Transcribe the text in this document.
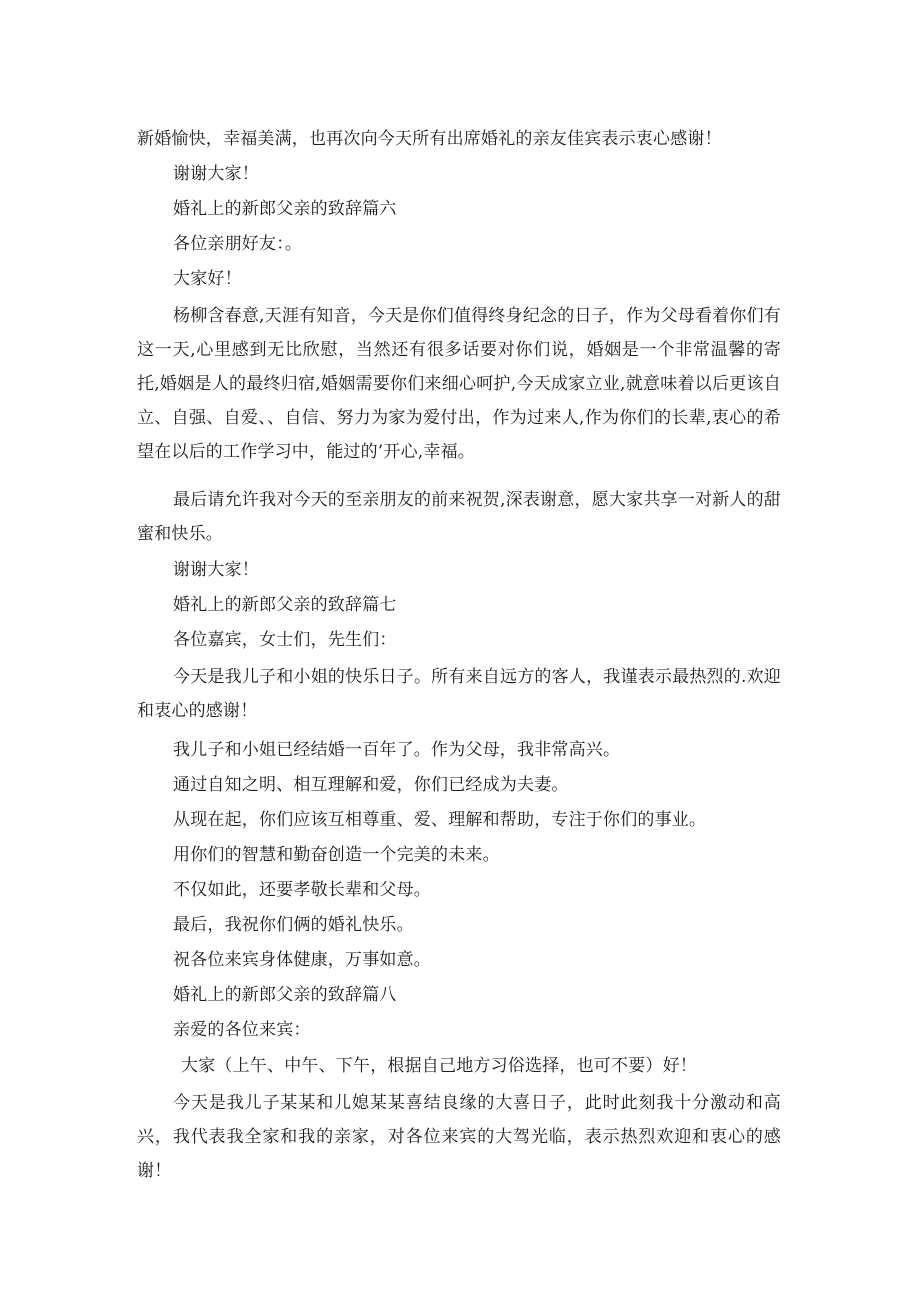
新婚愉快，幸福美满，也再次向今天所有出席婚礼的亲友佳宾表示衷心感谢！
谢谢大家！
婚礼上的新郎父亲的致辞篇六
各位亲朋好友：。
大家好！
杨柳含春意,天涯有知音，今天是你们值得终身纪念的日子，作为父母看着你们有这一天,心里感到无比欣慰，当然还有很多话要对你们说，婚姻是一个非常温馨的寄托,婚姻是人的最终归宿,婚姻需要你们来细心呵护,今天成家立业,就意味着以后更该自立、自强、自爱、、自信、努力为家为爱付出，作为过来人,作为你们的长辈,衷心的希望在以后的工作学习中，能过的’开心,幸福。
最后请允许我对今天的至亲朋友的前来祝贺,深表谢意，愿大家共享一对新人的甜蜜和快乐。
谢谢大家！
婚礼上的新郎父亲的致辞篇七
各位嘉宾，女士们，先生们：
今天是我儿子和小姐的快乐日子。所有来自远方的客人，我谨表示最热烈的.欢迎和衷心的感谢！
我儿子和小姐已经结婚一百年了。作为父母，我非常高兴。
通过自知之明、相互理解和爱，你们已经成为夫妻。
从现在起，你们应该互相尊重、爱、理解和帮助，专注于你们的事业。
用你们的智慧和勤奋创造一个完美的未来。
不仅如此，还要孝敬长辈和父母。
最后，我祝你们俩的婚礼快乐。
祝各位来宾身体健康，万事如意。
婚礼上的新郎父亲的致辞篇八
亲爱的各位来宾：
大家（上午、中午、下午，根据自己地方习俗选择，也可不要）好！
今天是我儿子某某和儿媳某某喜结良缘的大喜日子，此时此刻我十分激动和高兴，我代表我全家和我的亲家，对各位来宾的大驾光临，表示热烈欢迎和衷心的感谢！
